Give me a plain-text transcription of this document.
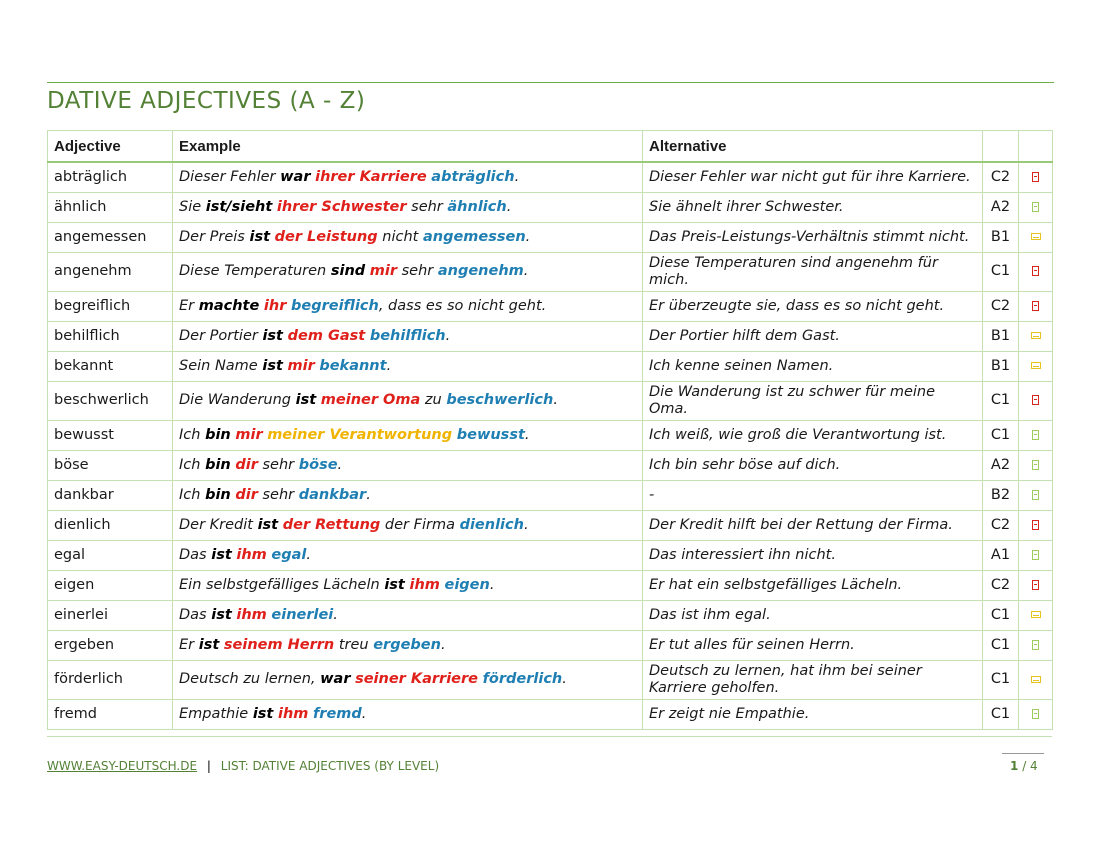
DATIVE ADJECTIVES (A - Z)
Adjective	Example	Alternative		
abträglich	Dieser Fehler war ihrer Karriere abträglich.	Dieser Fehler war nicht gut für ihre Karriere.	C2	
ähnlich	Sie ist/sieht ihrer Schwester sehr ähnlich.	Sie ähnelt ihrer Schwester.	A2	
angemessen	Der Preis ist der Leistung nicht angemessen.	Das Preis-Leistungs-Verhältnis stimmt nicht.	B1	
angenehm	Diese Temperaturen sind mir sehr angenehm.	Diese Temperaturen sind angenehm für mich.	C1	
begreiflich	Er machte ihr begreiflich, dass es so nicht geht.	Er überzeugte sie, dass es so nicht geht.	C2	
behilflich	Der Portier ist dem Gast behilflich.	Der Portier hilft dem Gast.	B1	
bekannt	Sein Name ist mir bekannt.	Ich kenne seinen Namen.	B1	
beschwerlich	Die Wanderung ist meiner Oma zu beschwerlich.	Die Wanderung ist zu schwer für meine Oma.	C1	
bewusst	Ich bin mir meiner Verantwortung bewusst.	Ich weiß, wie groß die Verantwortung ist.	C1	
böse	Ich bin dir sehr böse.	Ich bin sehr böse auf dich.	A2	
dankbar	Ich bin dir sehr dankbar.	-	B2	
dienlich	Der Kredit ist der Rettung der Firma dienlich.	Der Kredit hilft bei der Rettung der Firma.	C2	
egal	Das ist ihm egal.	Das interessiert ihn nicht.	A1	
eigen	Ein selbstgefälliges Lächeln ist ihm eigen.	Er hat ein selbstgefälliges Lächeln.	C2	
einerlei	Das ist ihm einerlei.	Das ist ihm egal.	C1	
ergeben	Er ist seinem Herrn treu ergeben.	Er tut alles für seinen Herrn.	C1	
förderlich	Deutsch zu lernen, war seiner Karriere förderlich.	Deutsch zu lernen, hat ihm bei seiner Karriere geholfen.	C1	
fremd	Empathie ist ihm fremd.	Er zeigt nie Empathie.	C1	
WWW.EASY-DEUTSCH.DE | LIST: DATIVE ADJECTIVES (BY LEVEL)	1 / 4
